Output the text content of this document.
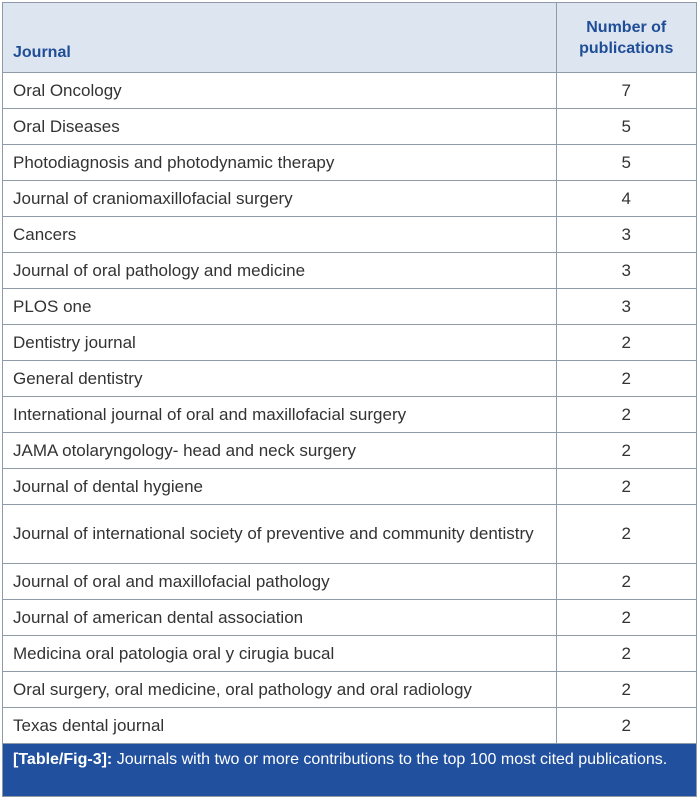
Journal	Number of
publications
Oral Oncology	7
Oral Diseases	5
Photodiagnosis and photodynamic therapy	5
Journal of craniomaxillofacial surgery	4
Cancers	3
Journal of oral pathology and medicine	3
PLOS one	3
Dentistry journal	2
General dentistry	2
International journal of oral and maxillofacial surgery	2
JAMA otolaryngology- head and neck surgery	2
Journal of dental hygiene	2
Journal of international society of preventive and community dentistry	2
Journal of oral and maxillofacial pathology	2
Journal of american dental association	2
Medicina oral patologia oral y cirugia bucal	2
Oral surgery, oral medicine, oral pathology and oral radiology	2
Texas dental journal	2
[Table/Fig-3]: Journals with two or more contributions to the top 100 most cited publications.
